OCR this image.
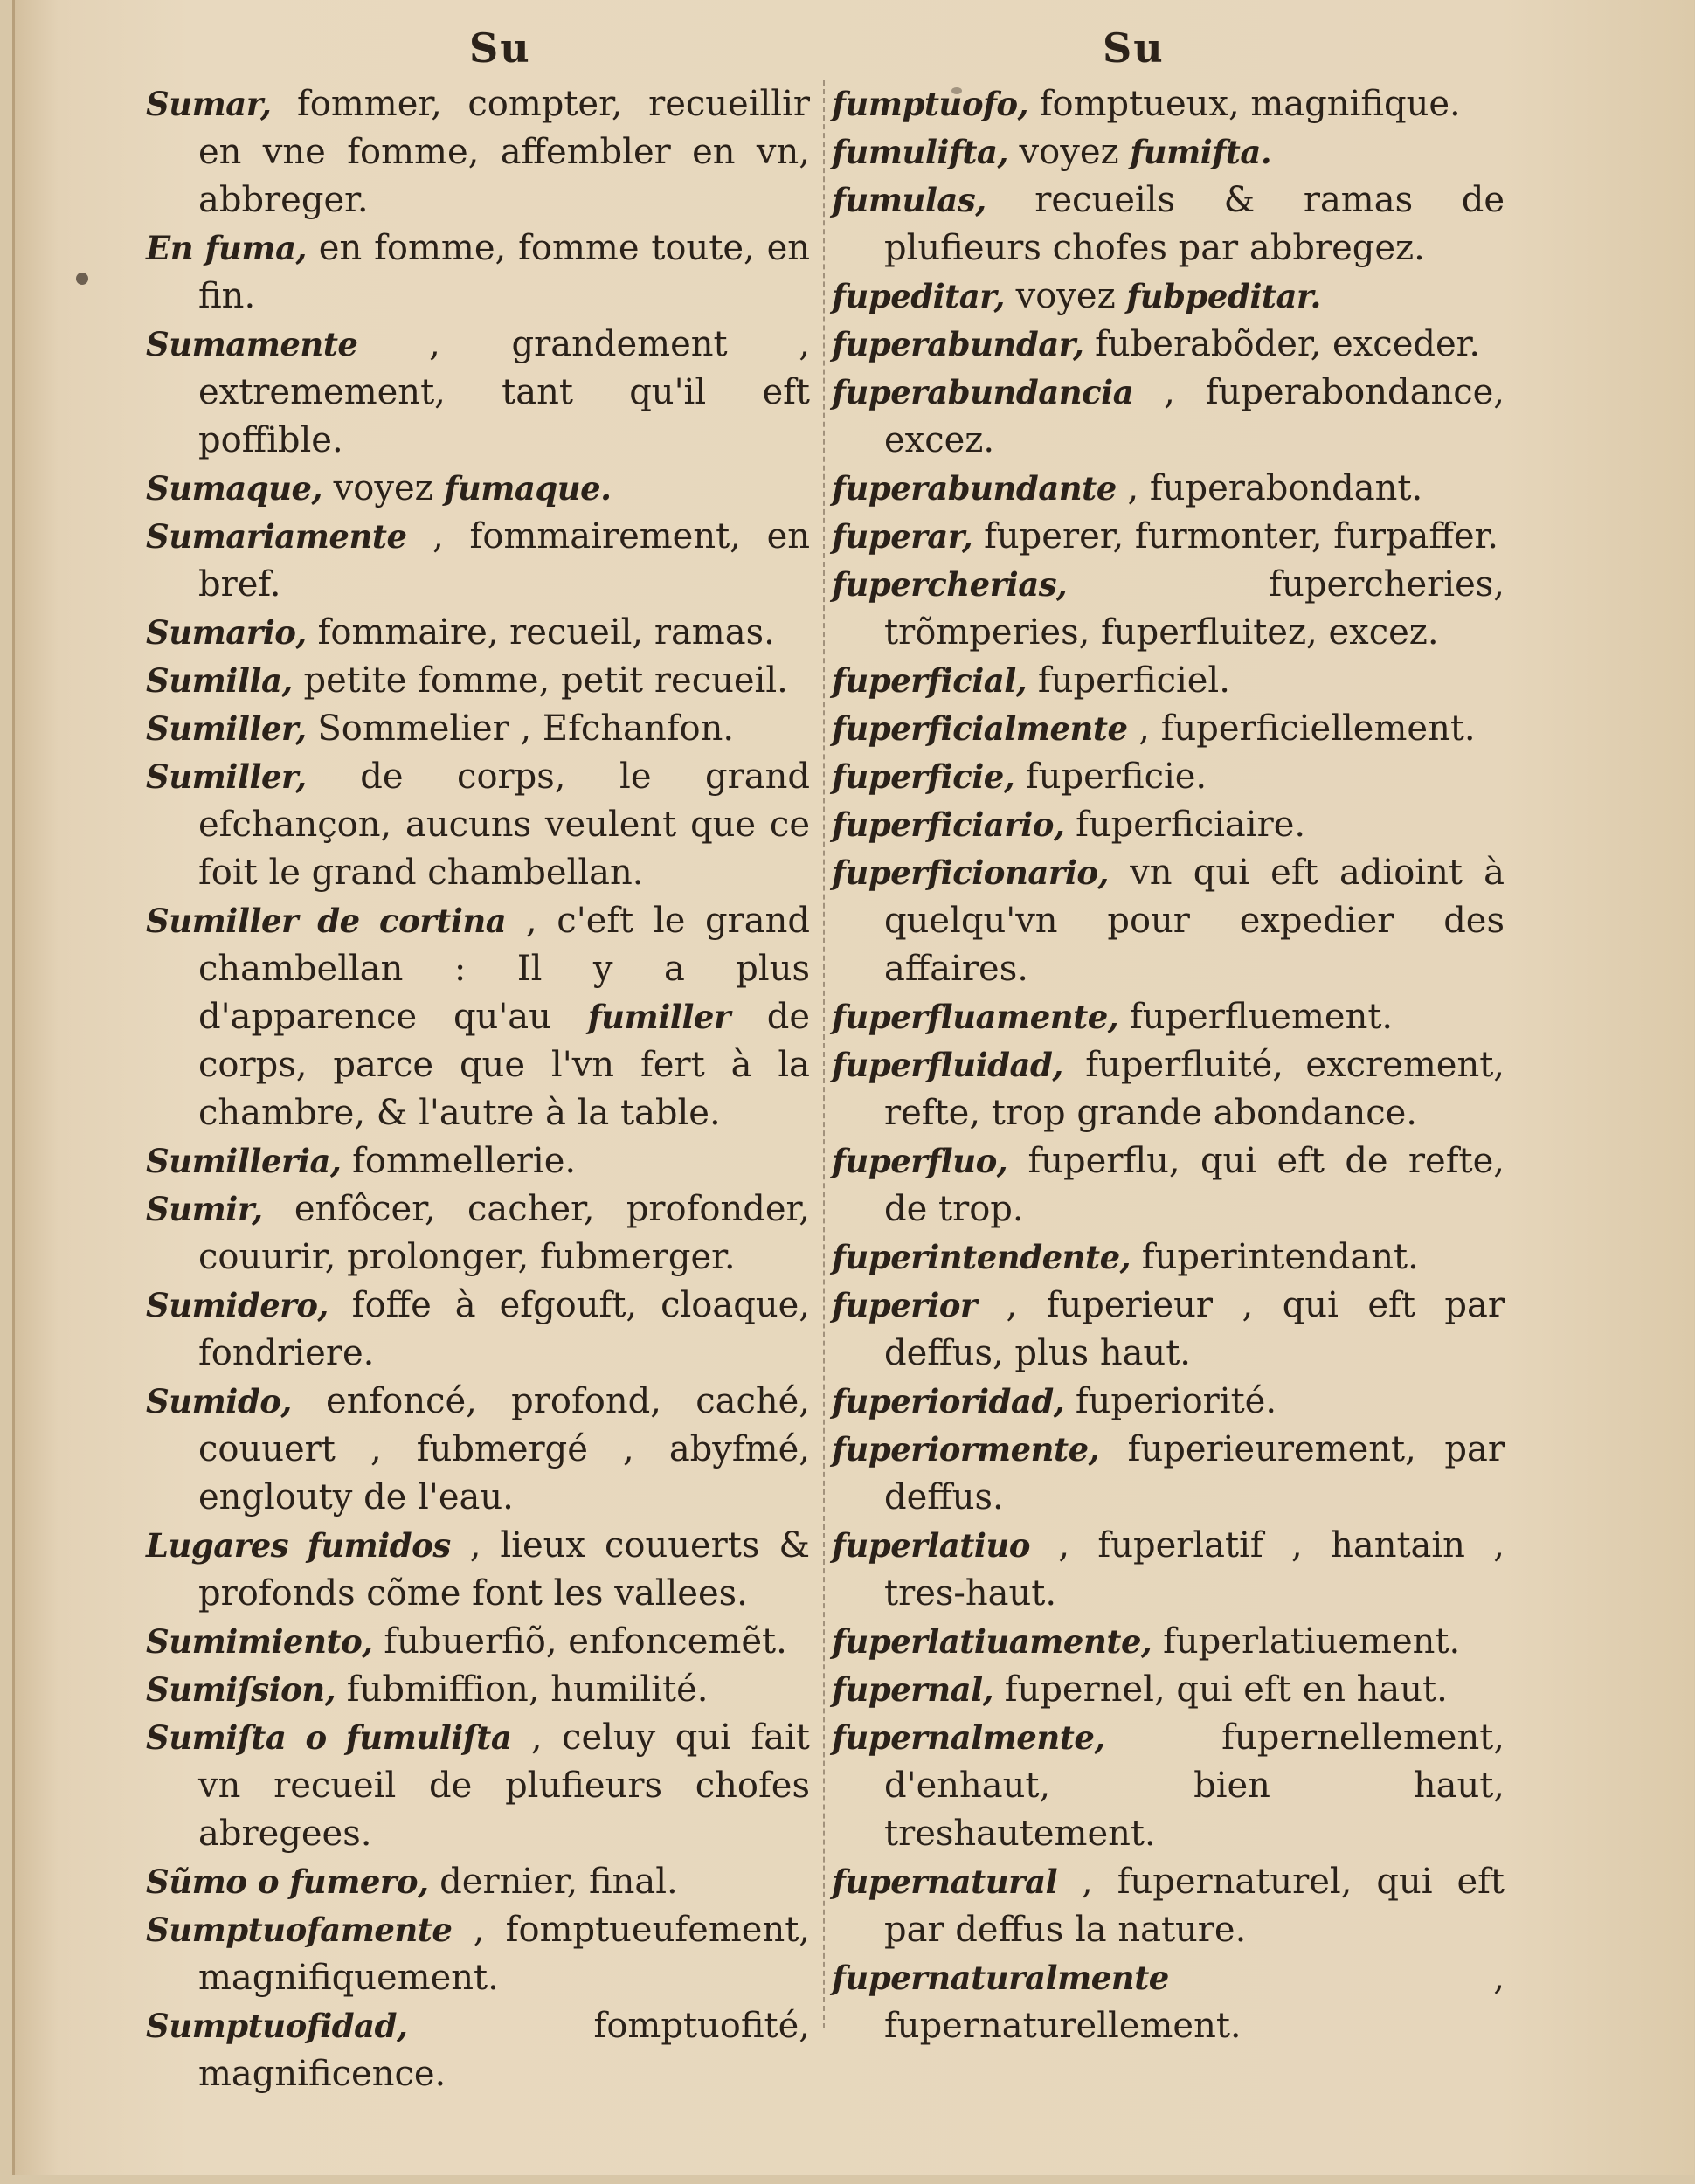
Su	Su
Sumar, fommer, compter, recueillir en vne fomme, affembler en vn, abbreger.
En fuma, en fomme, fomme toute, en fin.
Sumamente , grandement , extremement, tant qu'il eft poffible.
Sumaque, voyez fumaque.
Sumariamente , fommairement, en bref.
Sumario, fommaire, recueil, ramas.
Sumilla, petite fomme, petit recueil.
Sumiller, Sommelier , Efchanfon.
Sumiller, de corps, le grand efchançon, aucuns veulent que ce foit le grand chambellan.
Sumiller de cortina , c'eft le grand chambellan : Il y a plus d'apparence qu'au fumiller de corps, parce que l'vn fert à la chambre, & l'autre à la table.
Sumilleria, fommellerie.
Sumir, enfôcer, cacher, profonder, couurir, prolonger, fubmerger.
Sumidero, foffe à efgouft, cloaque, fondriere.
Sumido, enfoncé, profond, caché, couuert , fubmergé , abyfmé, englouty de l'eau.
Lugares fumidos , lieux couuerts & profonds cõme font les vallees.
Sumimiento, fubuerfiõ, enfoncemẽt.
Sumiſsion, fubmiffion, humilité.
Sumiſta o fumuliſta , celuy qui fait vn recueil de plufieurs chofes abregees.
Sũmo o fumero, dernier, final.
Sumptuofamente , fomptueufement, magnifiquement.
Sumptuofidad, fomptuofité, magnificence.
fumptuofo, fomptueux, magnifique.
fumulifta, voyez fumifta.
fumulas, recueils & ramas de plufieurs chofes par abbregez.
fupeditar, voyez fubpeditar.
fuperabundar, fuberabõder, exceder.
fuperabundancia , fuperabondance, excez.
fuperabundante , fuperabondant.
fuperar, fuperer, furmonter, furpaffer.
fupercherias, fupercheries, trõmperies, fuperfluitez, excez.
fuperficial, fuperficiel.
fuperficialmente , fuperficiellement.
fuperficie, fuperficie.
fuperficiario, fuperficiaire.
fuperficionario, vn qui eft adioint à quelqu'vn pour expedier des affaires.
fuperfluamente, fuperfluement.
fuperfluidad, fuperfluité, excrement, refte, trop grande abondance.
fuperfluo, fuperflu, qui eft de refte, de trop.
fuperintendente, fuperintendant.
fuperior , fuperieur , qui eft par deffus, plus haut.
fuperioridad, fuperiorité.
fuperiormente, fuperieurement, par deffus.
fuperlatiuo , fuperlatif , hantain , tres-haut.
fuperlatiuamente, fuperlatiuement.
fupernal, fupernel, qui eft en haut.
fupernalmente, fupernellement, d'enhaut, bien haut, treshautement.
fupernatural , fupernaturel, qui eft par deffus la nature.
fupernaturalmente , fupernaturellement.
